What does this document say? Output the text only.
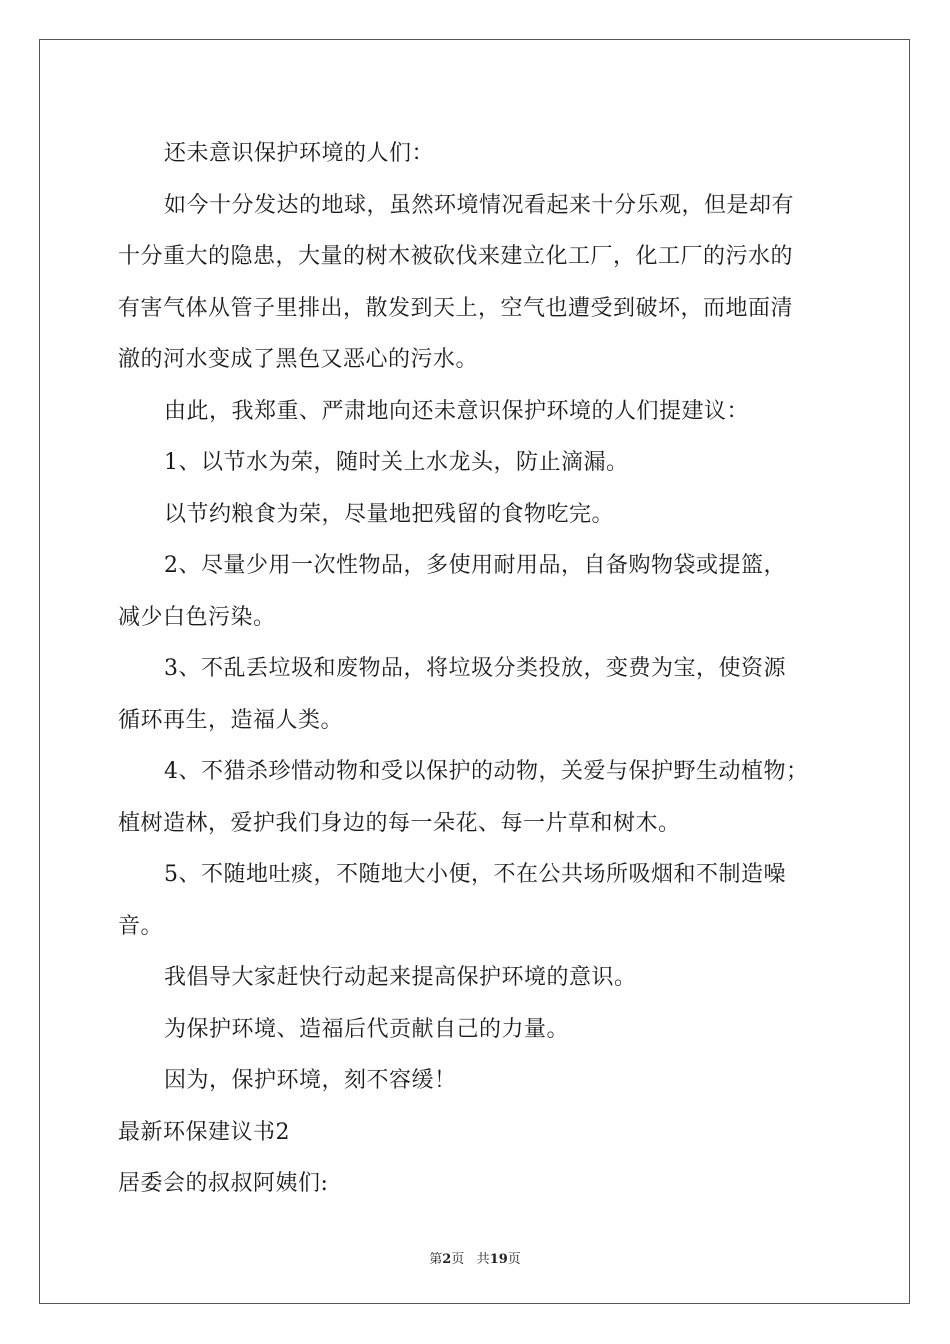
还未意识保护环境的人们：
如今十分发达的地球，虽然环境情况看起来十分乐观，但是却有
十分重大的隐患，大量的树木被砍伐来建立化工厂，化工厂的污水的
有害气体从管子里排出，散发到天上，空气也遭受到破坏，而地面清
澈的河水变成了黑色又恶心的污水。
由此，我郑重、严肃地向还未意识保护环境的人们提建议：
1、以节水为荣，随时关上水龙头，防止滴漏。
以节约粮食为荣，尽量地把残留的食物吃完。
2、尽量少用一次性物品，多使用耐用品，自备购物袋或提篮，
减少白色污染。
3、不乱丢垃圾和废物品，将垃圾分类投放，变费为宝，使资源
循环再生，造福人类。
4、不猎杀珍惜动物和受以保护的动物，关爱与保护野生动植物；
植树造林，爱护我们身边的每一朵花、每一片草和树木。
5、不随地吐痰，不随地大小便，不在公共场所吸烟和不制造噪
音。
我倡导大家赶快行动起来提高保护环境的意识。
为保护环境、造福后代贡献自己的力量。
因为，保护环境，刻不容缓！
最新环保建议书2
居委会的叔叔阿姨们:
第2页 共19页
